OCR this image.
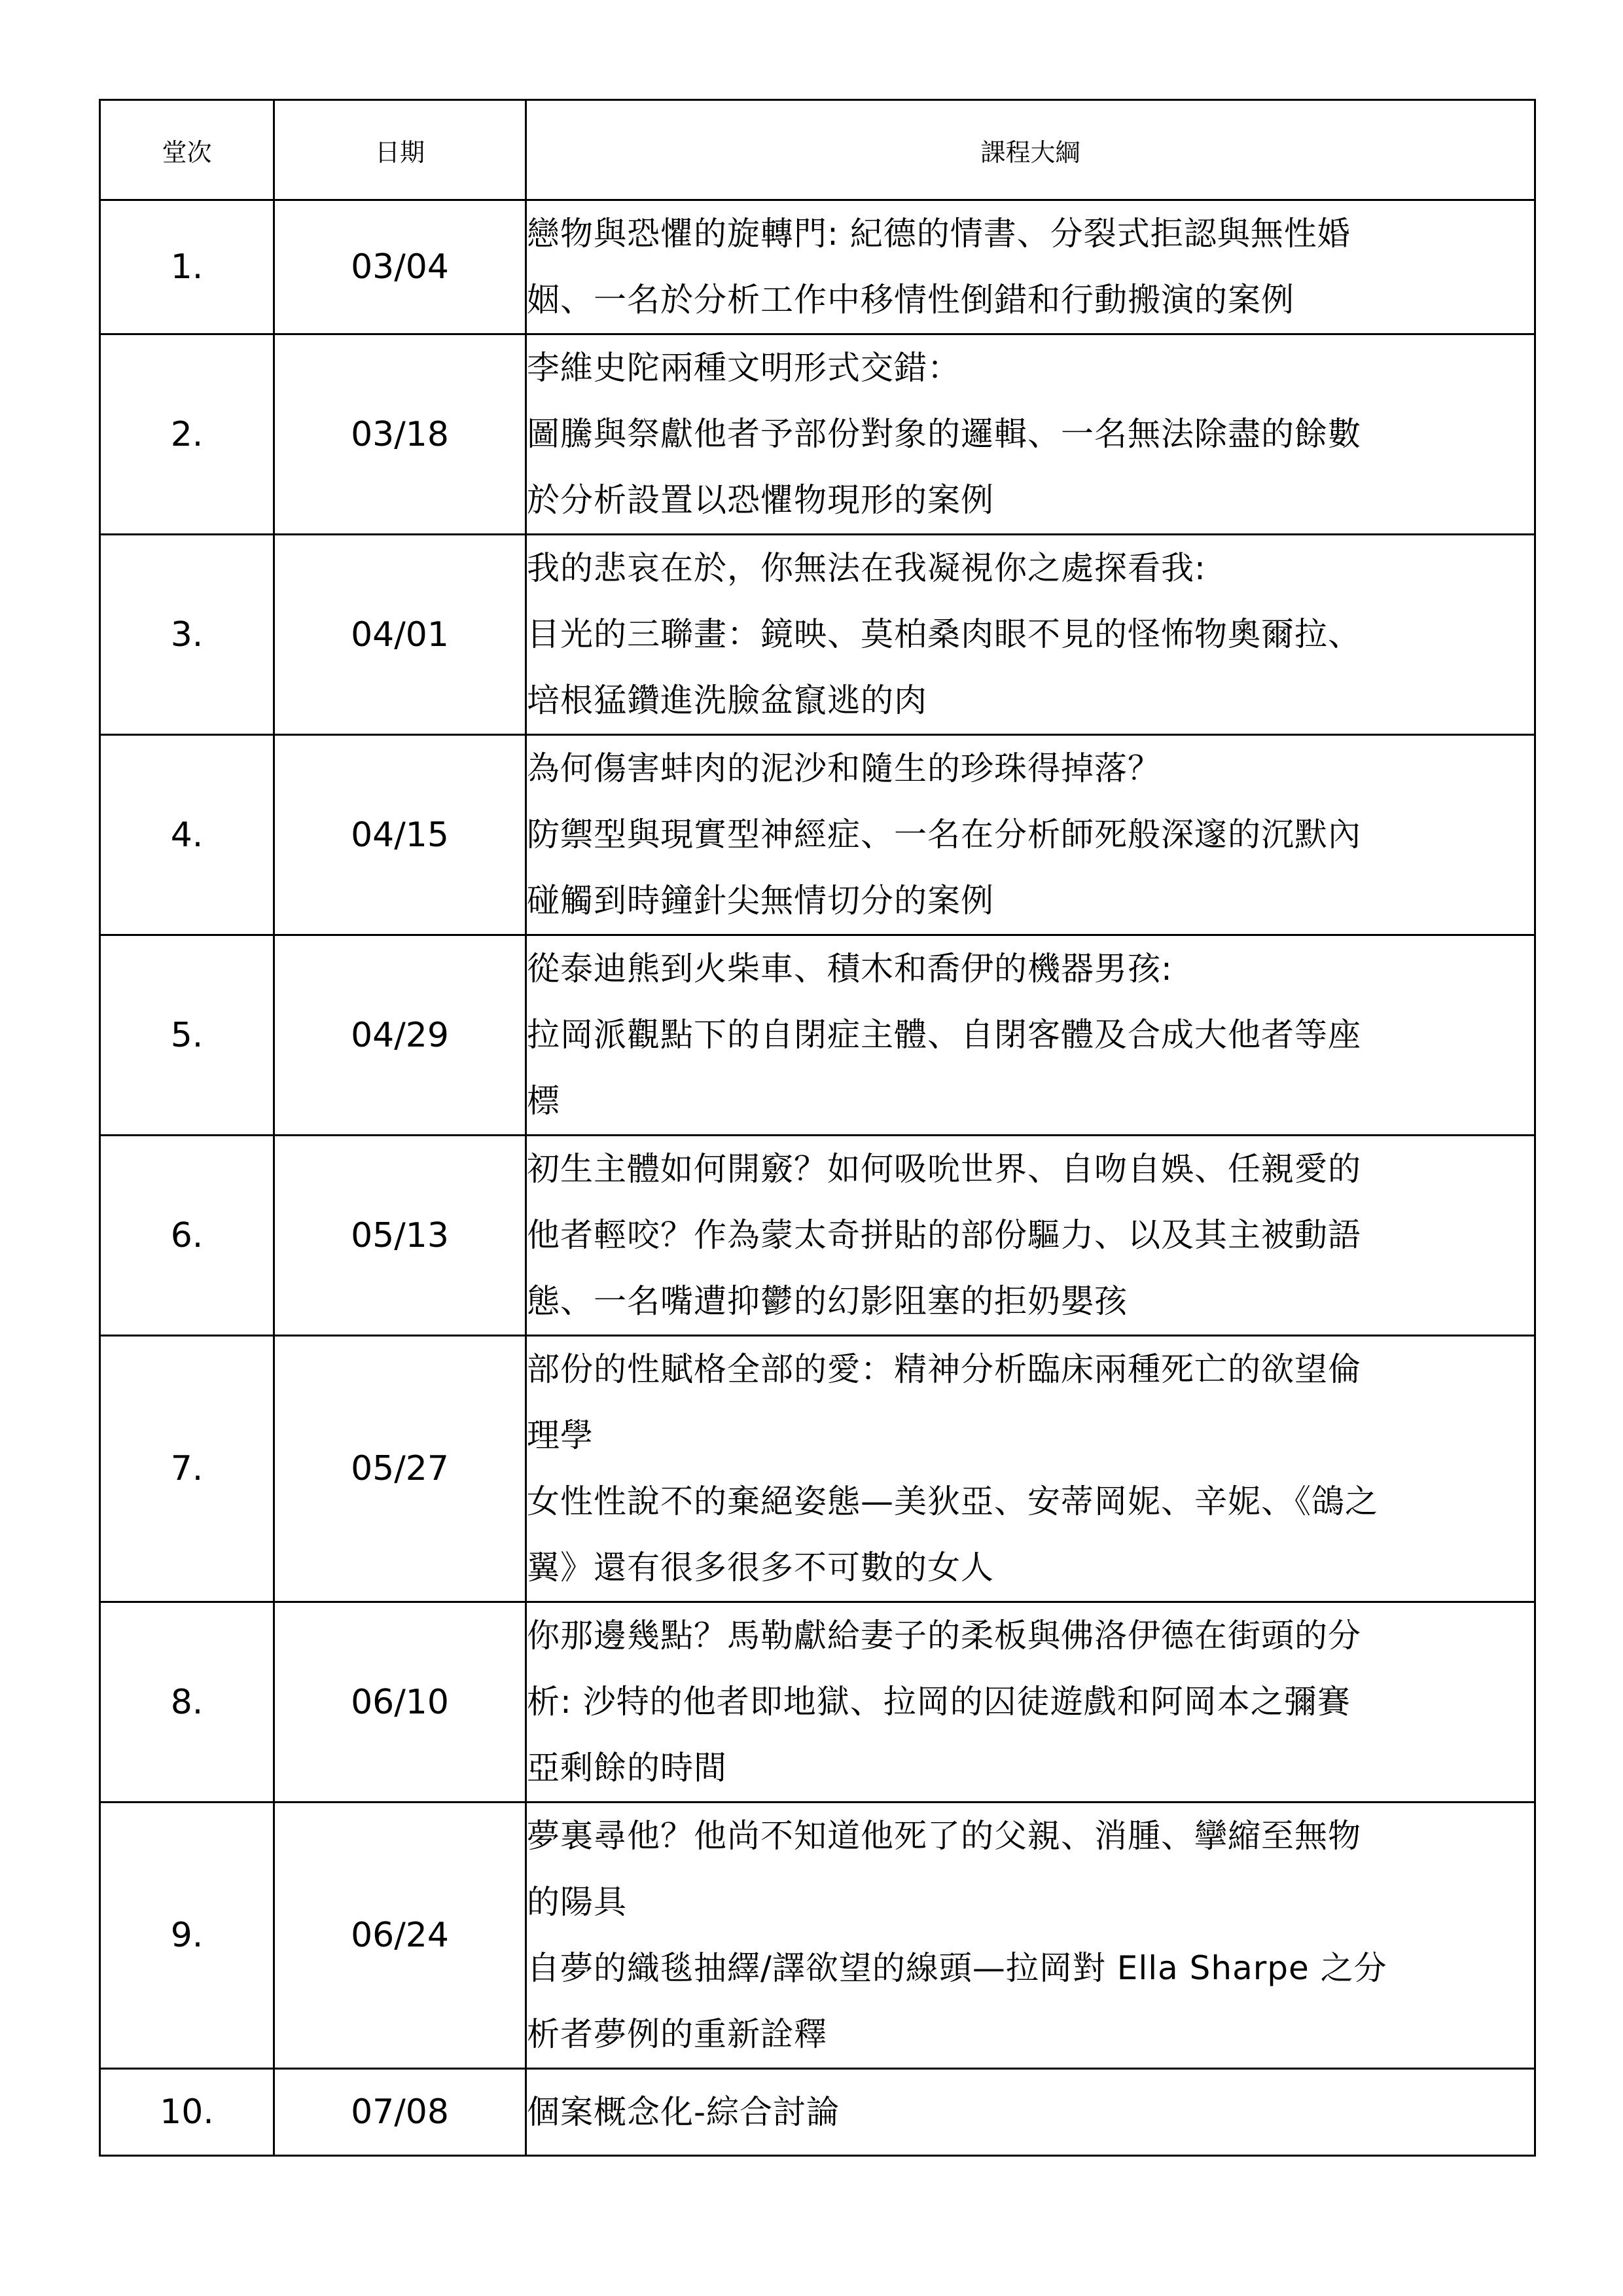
堂次	日期	課程大綱
1.	03/04	戀物與恐懼的旋轉門: 紀德的情書、分裂式拒認與無性婚
姻、一名於分析工作中移情性倒錯和行動搬演的案例

2.	03/18	李維史陀兩種文明形式交錯：
圖騰與祭獻他者予部份對象的邏輯、一名無法除盡的餘數
於分析設置以恐懼物現形的案例

3.	04/01	我的悲哀在於，你無法在我凝視你之處探看我:
目光的三聯畫：鏡映、莫柏桑肉眼不見的怪怖物奧爾拉、
培根猛鑽進洗臉盆竄逃的肉

4.	04/15	為何傷害蚌肉的泥沙和隨生的珍珠得掉落？
防禦型與現實型神經症、一名在分析師死般深邃的沉默內
碰觸到時鐘針尖無情切分的案例

5.	04/29	從泰迪熊到火柴車、積木和喬伊的機器男孩:
拉岡派觀點下的自閉症主體、自閉客體及合成大他者等座
標

6.	05/13	初生主體如何開竅？如何吸吮世界、自吻自娛、任親愛的
他者輕咬？作為蒙太奇拼貼的部份驅力、以及其主被動語
態、一名嘴遭抑鬱的幻影阻塞的拒奶嬰孩

7.	05/27	部份的性賦格全部的愛：精神分析臨床兩種死亡的欲望倫
理學
女性性說不的棄絕姿態—美狄亞、安蒂岡妮、辛妮、《鴿之
翼》還有很多很多不可數的女人

8.	06/10	你那邊幾點？馬勒獻給妻子的柔板與佛洛伊德在街頭的分
析: 沙特的他者即地獄、拉岡的囚徒遊戲和阿岡本之彌賽
亞剩餘的時間

9.	06/24	夢裏尋他？他尚不知道他死了的父親、消腫、攣縮至無物
的陽具
自夢的織毯抽繹/譯欲望的線頭—拉岡對 Ella Sharpe 之分
析者夢例的重新詮釋

10.	07/08	個案概念化-綜合討論
